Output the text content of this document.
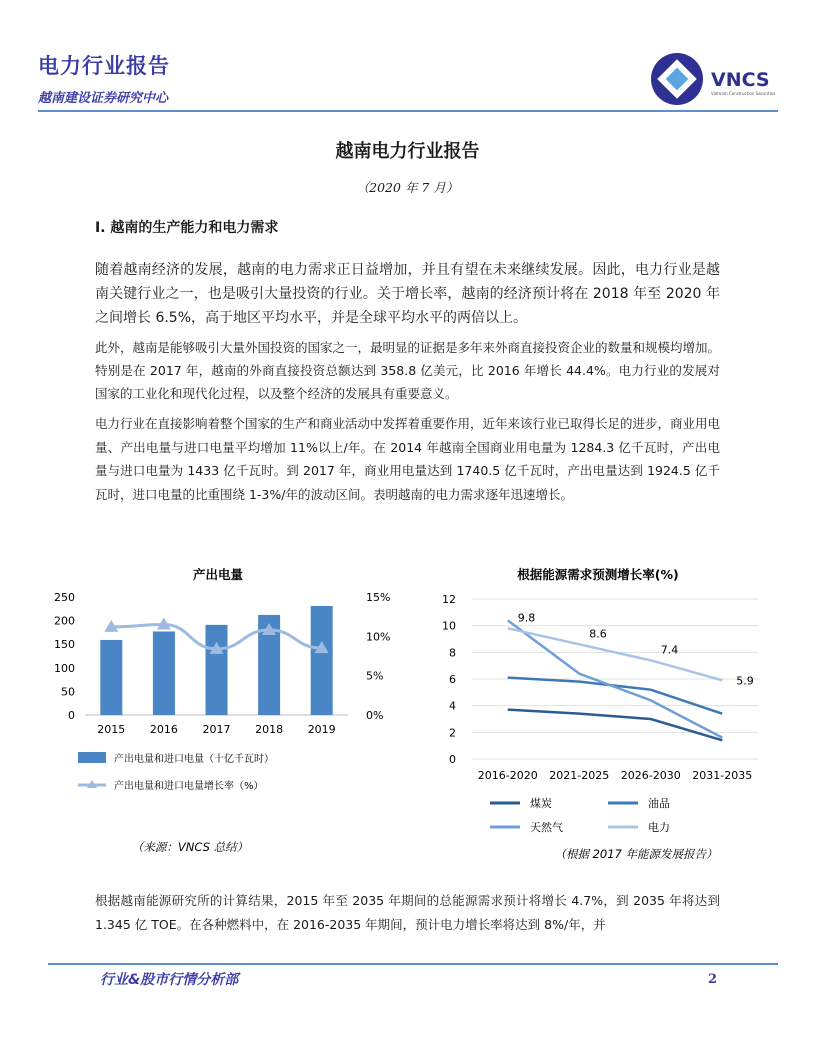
电力行业报告
越南建设证券研究中心
VNCS
Vietnam Construction Securities
越南电力行业报告
（2020 年 7 月）
I. 越南的生产能力和电力需求
随着越南经济的发展，越南的电力需求正日益增加，并且有望在未来继续发展。因此，电力行业是越南关键行业之一，也是吸引大量投资的行业。关于增长率，越南的经济预计将在 2018 年至 2020 年之间增长 6.5%，高于地区平均水平，并是全球平均水平的两倍以上。
此外，越南是能够吸引大量外国投资的国家之一，最明显的证据是多年来外商直接投资企业的数量和规模均增加。特别是在 2017 年，越南的外商直接投资总额达到 358.8 亿美元，比 2016 年增长 44.4%。电力行业的发展对国家的工业化和现代化过程，以及整个经济的发展具有重要意义。
电力行业在直接影响着整个国家的生产和商业活动中发挥着重要作用，近年来该行业已取得长足的进步，商业用电量、产出电量与进口电量平均增加 11%以上/年。在 2014 年越南全国商业用电量为 1284.3 亿千瓦时，产出电量与进口电量为 1433 亿千瓦时。到 2017 年，商业用电量达到 1740.5 亿千瓦时，产出电量达到 1924.5 亿千瓦时，进口电量的比重围绕 1-3%/年的波动区间。表明越南的电力需求逐年迅速增长。
产出电量
0
50
100
150
200
250
0%
5%
10%
15%
2015 2016 2017 2018 2019
产出电量和进口电量（十亿千瓦时）
产出电量和进口电量增长率（%）
（来源：VNCS 总结）
根据能源需求预测增长率(%)
0
2
4
6
8
10
12
2016-2020 2021-2025 2026-2030 2031-2035
9.8
8.6
7.4
5.9
煤炭	油品
天然气	电力
（根据 2017 年能源发展报告）
根据越南能源研究所的计算结果，2015 年至 2035 年期间的总能源需求预计将增长 4.7%，到 2035 年将达到 1.345 亿 TOE。在各种燃料中，在 2016-2035 年期间，预计电力增长率将达到 8%/年，并
行业&股市行情分析部	2
